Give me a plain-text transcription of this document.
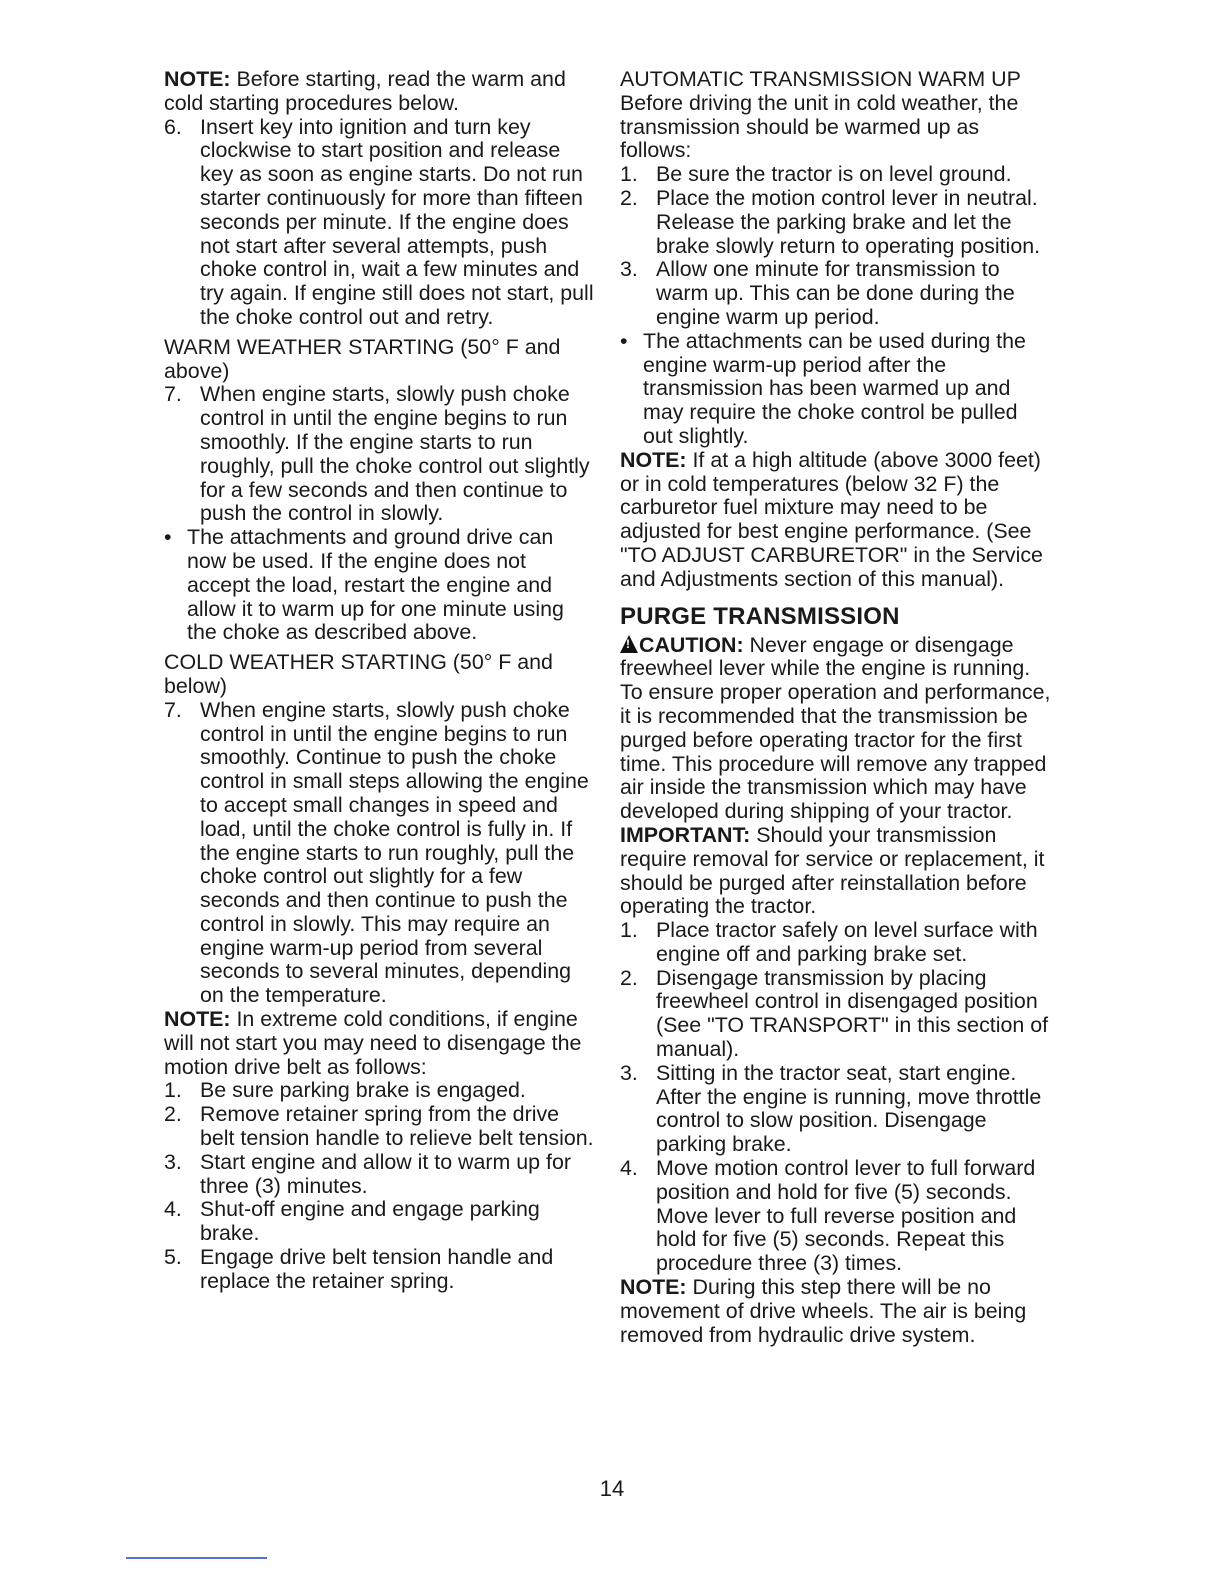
NOTE: Before starting, read the warm and cold starting procedures below.

6. Insert key into ignition and turn key clockwise to start position and release key as soon as engine starts. Do not run starter continuously for more than fifteen seconds per minute. If the engine does not start after several attempts, push choke control in, wait a few minutes and try again. If engine still does not start, pull the choke control out and retry.

WARM WEATHER STARTING (50° F and above)

7. When engine starts, slowly push choke control in until the engine begins to run smoothly. If the engine starts to run roughly, pull the choke control out slightly for a few seconds and then continue to push the control in slowly.
• The attachments and ground drive can now be used. If the engine does not accept the load, restart the engine and allow it to warm up for one minute using the choke as described above.

COLD WEATHER STARTING (50° F and below)

7. When engine starts, slowly push choke control in until the engine begins to run smoothly. Continue to push the choke control in small steps allowing the engine to accept small changes in speed and load, until the choke control is fully in. If the engine starts to run roughly, pull the choke control out slightly for a few seconds and then continue to push the control in slowly. This may require an engine warm-up period from several seconds to several minutes, depending on the temperature.

NOTE: In extreme cold conditions, if engine will not start you may need to disengage the motion drive belt as follows:

1. Be sure parking brake is engaged.
2. Remove retainer spring from the drive belt tension handle to relieve belt tension.
3. Start engine and allow it to warm up for three (3) minutes.
4. Shut-off engine and engage parking brake.
5. Engage drive belt tension handle and replace the retainer spring.

AUTOMATIC TRANSMISSION WARM UP

Before driving the unit in cold weather, the transmission should be warmed up as follows:

1. Be sure the tractor is on level ground.
2. Place the motion control lever in neutral. Release the parking brake and let the brake slowly return to operating position.
3. Allow one minute for transmission to warm up. This can be done during the engine warm up period.
• The attachments can be used during the engine warm-up period after the transmission has been warmed up and may require the choke control be pulled out slightly.

NOTE: If at a high altitude (above 3000 feet) or in cold temperatures (below 32 F) the carburetor fuel mixture may need to be adjusted for best engine performance. (See "TO ADJUST CARBURETOR" in the Service and Adjustments section of this manual).

PURGE TRANSMISSION

!CAUTION: Never engage or disengage freewheel lever while the engine is running.

To ensure proper operation and performance, it is recommended that the transmission be purged before operating tractor for the first time. This procedure will remove any trapped air inside the transmission which may have developed during shipping of your tractor.

IMPORTANT: Should your transmission require removal for service or replacement, it should be purged after reinstallation before operating the tractor.

1. Place tractor safely on level surface with engine off and parking brake set.
2. Disengage transmission by placing freewheel control in disengaged position (See "TO TRANSPORT" in this section of manual).
3. Sitting in the tractor seat, start engine. After the engine is running, move throttle control to slow position. Disengage parking brake.
4. Move motion control lever to full forward position and hold for five (5) seconds. Move lever to full reverse position and hold for five (5) seconds. Repeat this procedure three (3) times.

NOTE: During this step there will be no movement of drive wheels. The air is being removed from hydraulic drive system.

14
